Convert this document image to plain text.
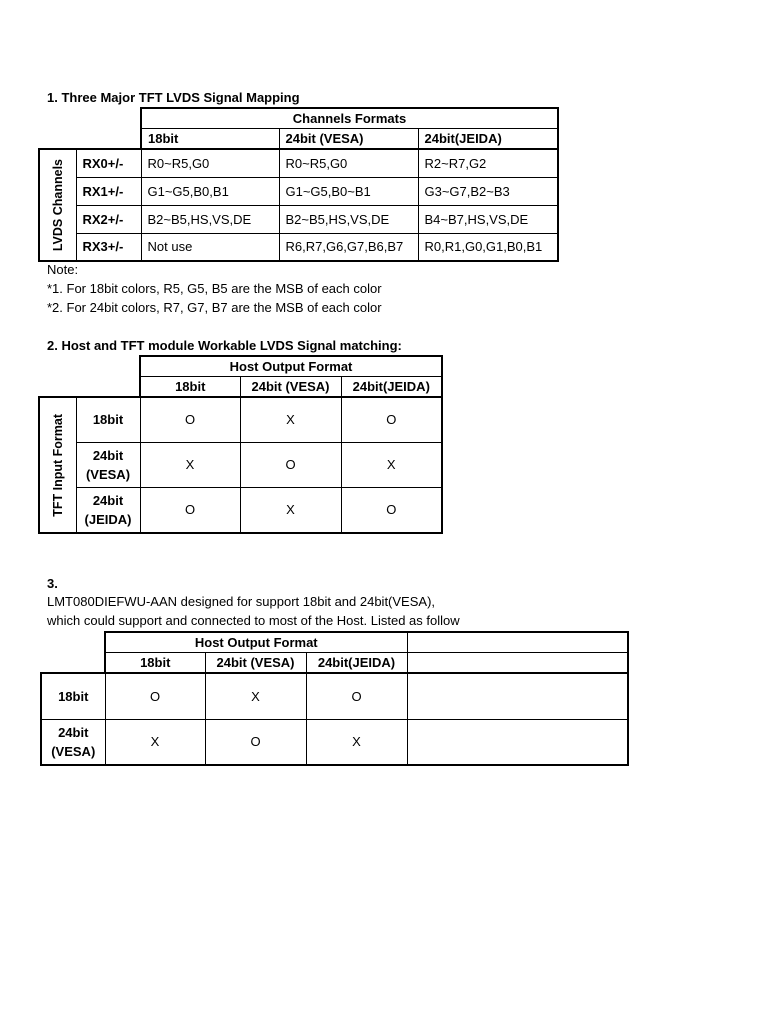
1. Three Major TFT LVDS Signal Mapping
		Channels Formats		
		18bit	24bit (VESA)	24bit(JEIDA)

LVDS Channels	RX0+/-	R0~R5,G0	R0~R5,G0	R2~R7,G2
	RX1+/-	G1~G5,B0,B1	G1~G5,B0~B1	G3~G7,B2~B3
	RX2+/-	B2~B5,HS,VS,DE	B2~B5,HS,VS,DE	B4~B7,HS,VS,DE
	RX3+/-	Not use	R6,R7,G6,G7,B6,B7	R0,R1,G0,G1,B0,B1
Note:
*1. For 18bit colors, R5, G5, B5 are the MSB of each color
*2. For 24bit colors, R7, G7, B7 are the MSB of each color
2. Host and TFT module Workable LVDS Signal matching:
		Host Output Format		
		18bit	24bit (VESA)	24bit(JEIDA)

TFT Input Format	18bit	O	X	O

	24bit
(VESA)	X	O	X

	24bit
(JEIDA)	O	X	O
3.
LMT080DIEFWU-AAN designed for support 18bit and 24bit(VESA),
which could support and connected to most of the Host. Listed as follow
	Host Output Format			
	18bit	24bit (VESA)	24bit(JEIDA)	

18bit	O	X	O	

24bit
(VESA)	X	O	X	
